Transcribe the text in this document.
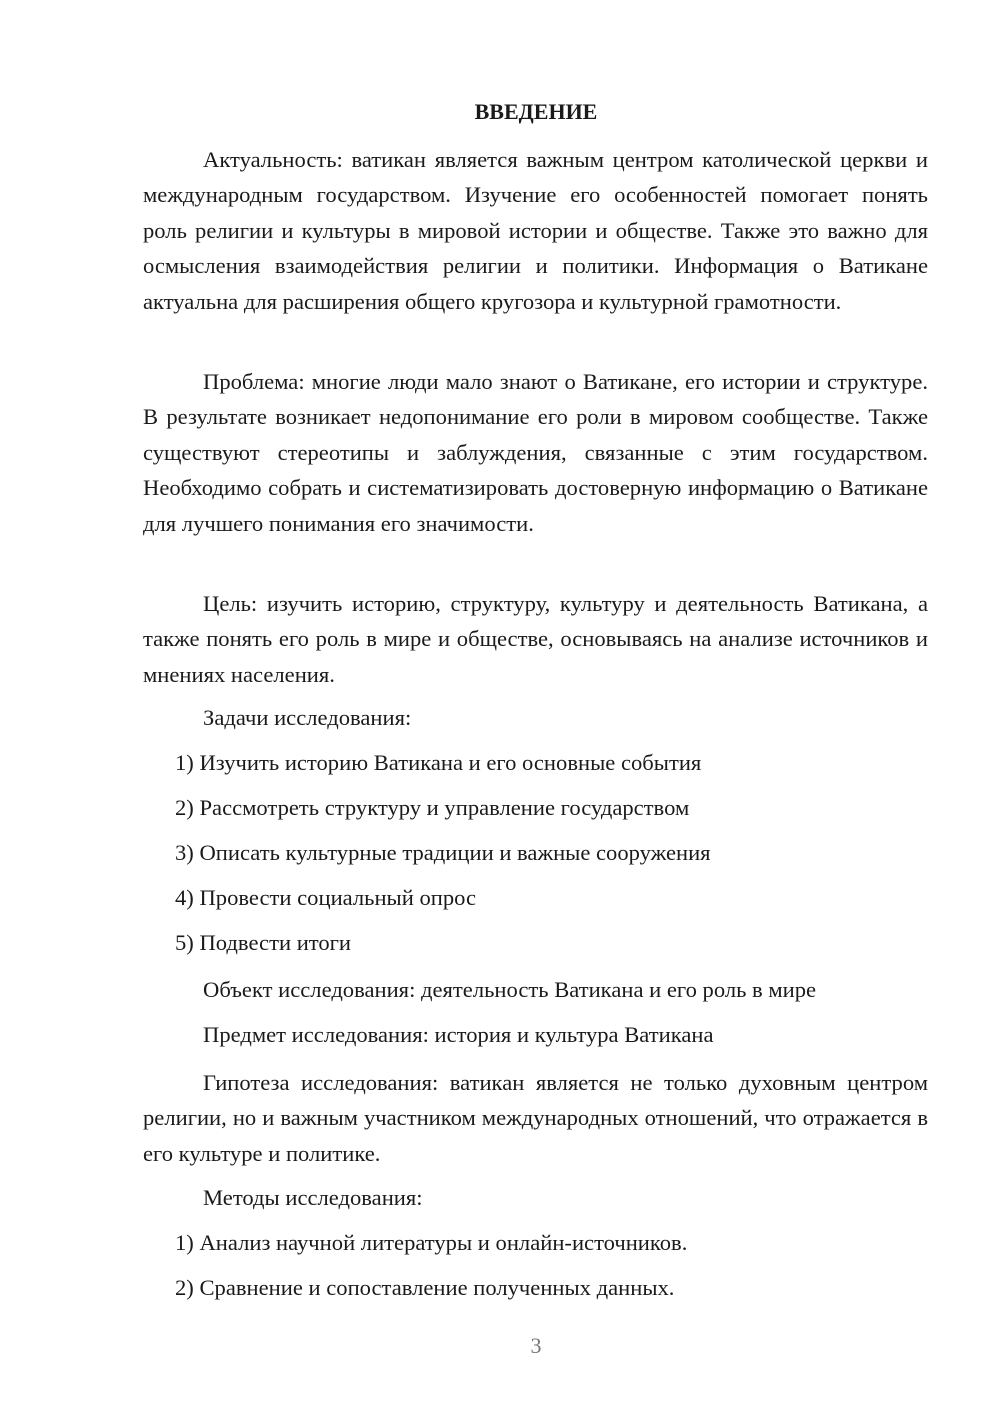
ВВЕДЕНИЕ

Актуальность: ватикан является важным центром католической церкви и международным государством. Изучение его особенностей помогает понять роль религии и культуры в мировой истории и обществе. Также это важно для осмысления взаимодействия религии и политики. Информация о Ватикане актуальна для расширения общего кругозора и культурной грамотности.

Проблема: многие люди мало знают о Ватикане, его истории и структуре. В результате возникает недопонимание его роли в мировом сообществе. Также существуют стереотипы и заблуждения, связанные с этим государством. Необходимо собрать и систематизировать достоверную информацию о Ватикане для лучшего понимания его значимости.

Цель: изучить историю, структуру, культуру и деятельность Ватикана, а также понять его роль в мире и обществе, основываясь на анализе источников и мнениях населения.

Задачи исследования:

1) Изучить историю Ватикана и его основные события

2) Рассмотреть структуру и управление государством

3) Описать культурные традиции и важные сооружения

4) Провести социальный опрос

5) Подвести итоги

Объект исследования: деятельность Ватикана и его роль в мире

Предмет исследования: история и культура Ватикана

Гипотеза исследования: ватикан является не только духовным центром религии, но и важным участником международных отношений, что отражается в его культуре и политике.

Методы исследования:

1) Анализ научной литературы и онлайн-источников.

2) Сравнение и сопоставление полученных данных.

3
